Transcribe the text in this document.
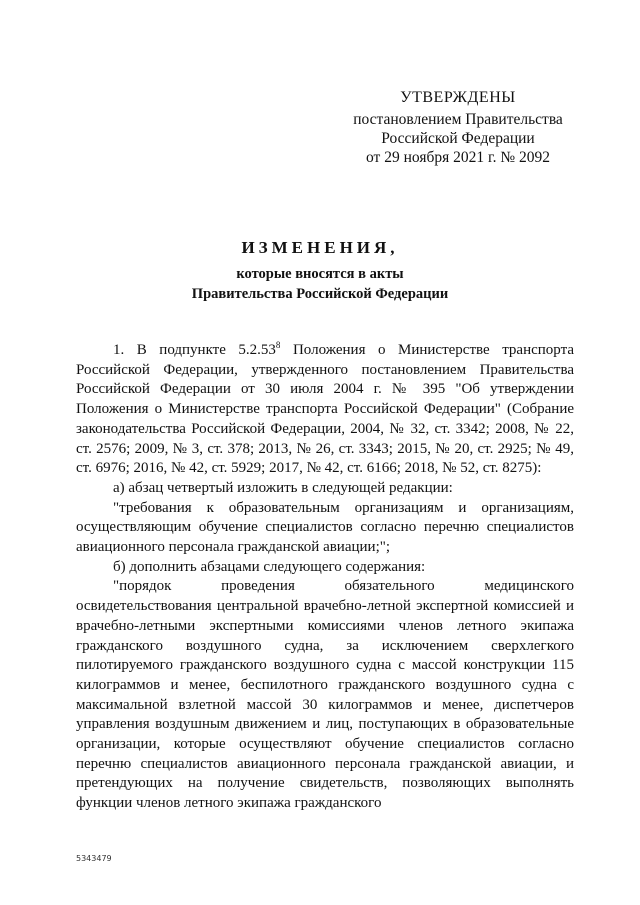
УТВЕРЖДЕНЫ
постановлением Правительства
Российской Федерации
от 29 ноября 2021 г. № 2092
ИЗМЕНЕНИЯ,
которые вносятся в акты
Правительства Российской Федерации

1. В подпункте 5.2.53$^8$ Положения о Министерстве транспорта Российской Федерации, утвержденного постановлением Правительства Российской Федерации от 30 июля 2004 г. № 395 "Об утверждении Положения о Министерстве транспорта Российской Федерации" (Собрание законодательства Российской Федерации, 2004, № 32, ст. 3342; 2008, № 22, ст. 2576; 2009, № 3, ст. 378; 2013, № 26, ст. 3343; 2015, № 20, ст. 2925; № 49, ст. 6976; 2016, № 42, ст. 5929; 2017, № 42, ст. 6166; 2018, № 52, ст. 8275):

а) абзац четвертый изложить в следующей редакции:

"требования к образовательным организациям и организациям, осуществляющим обучение специалистов согласно перечню специалистов авиационного персонала гражданской авиации;";

б) дополнить абзацами следующего содержания:

"порядок проведения обязательного медицинского освидетельствования центральной врачебно-летной экспертной комиссией и врачебно-летными экспертными комиссиями членов летного экипажа гражданского воздушного судна, за исключением сверхлегкого пилотируемого гражданского воздушного судна с массой конструкции 115 килограммов и менее, беспилотного гражданского воздушного судна с максимальной взлетной массой 30 килограммов и менее, диспетчеров управления воздушным движением и лиц, поступающих в образовательные организации, которые осуществляют обучение специалистов согласно перечню специалистов авиационного персонала гражданской авиации, и претендующих на получение свидетельств, позволяющих выполнять функции членов летного экипажа гражданского

5343479
